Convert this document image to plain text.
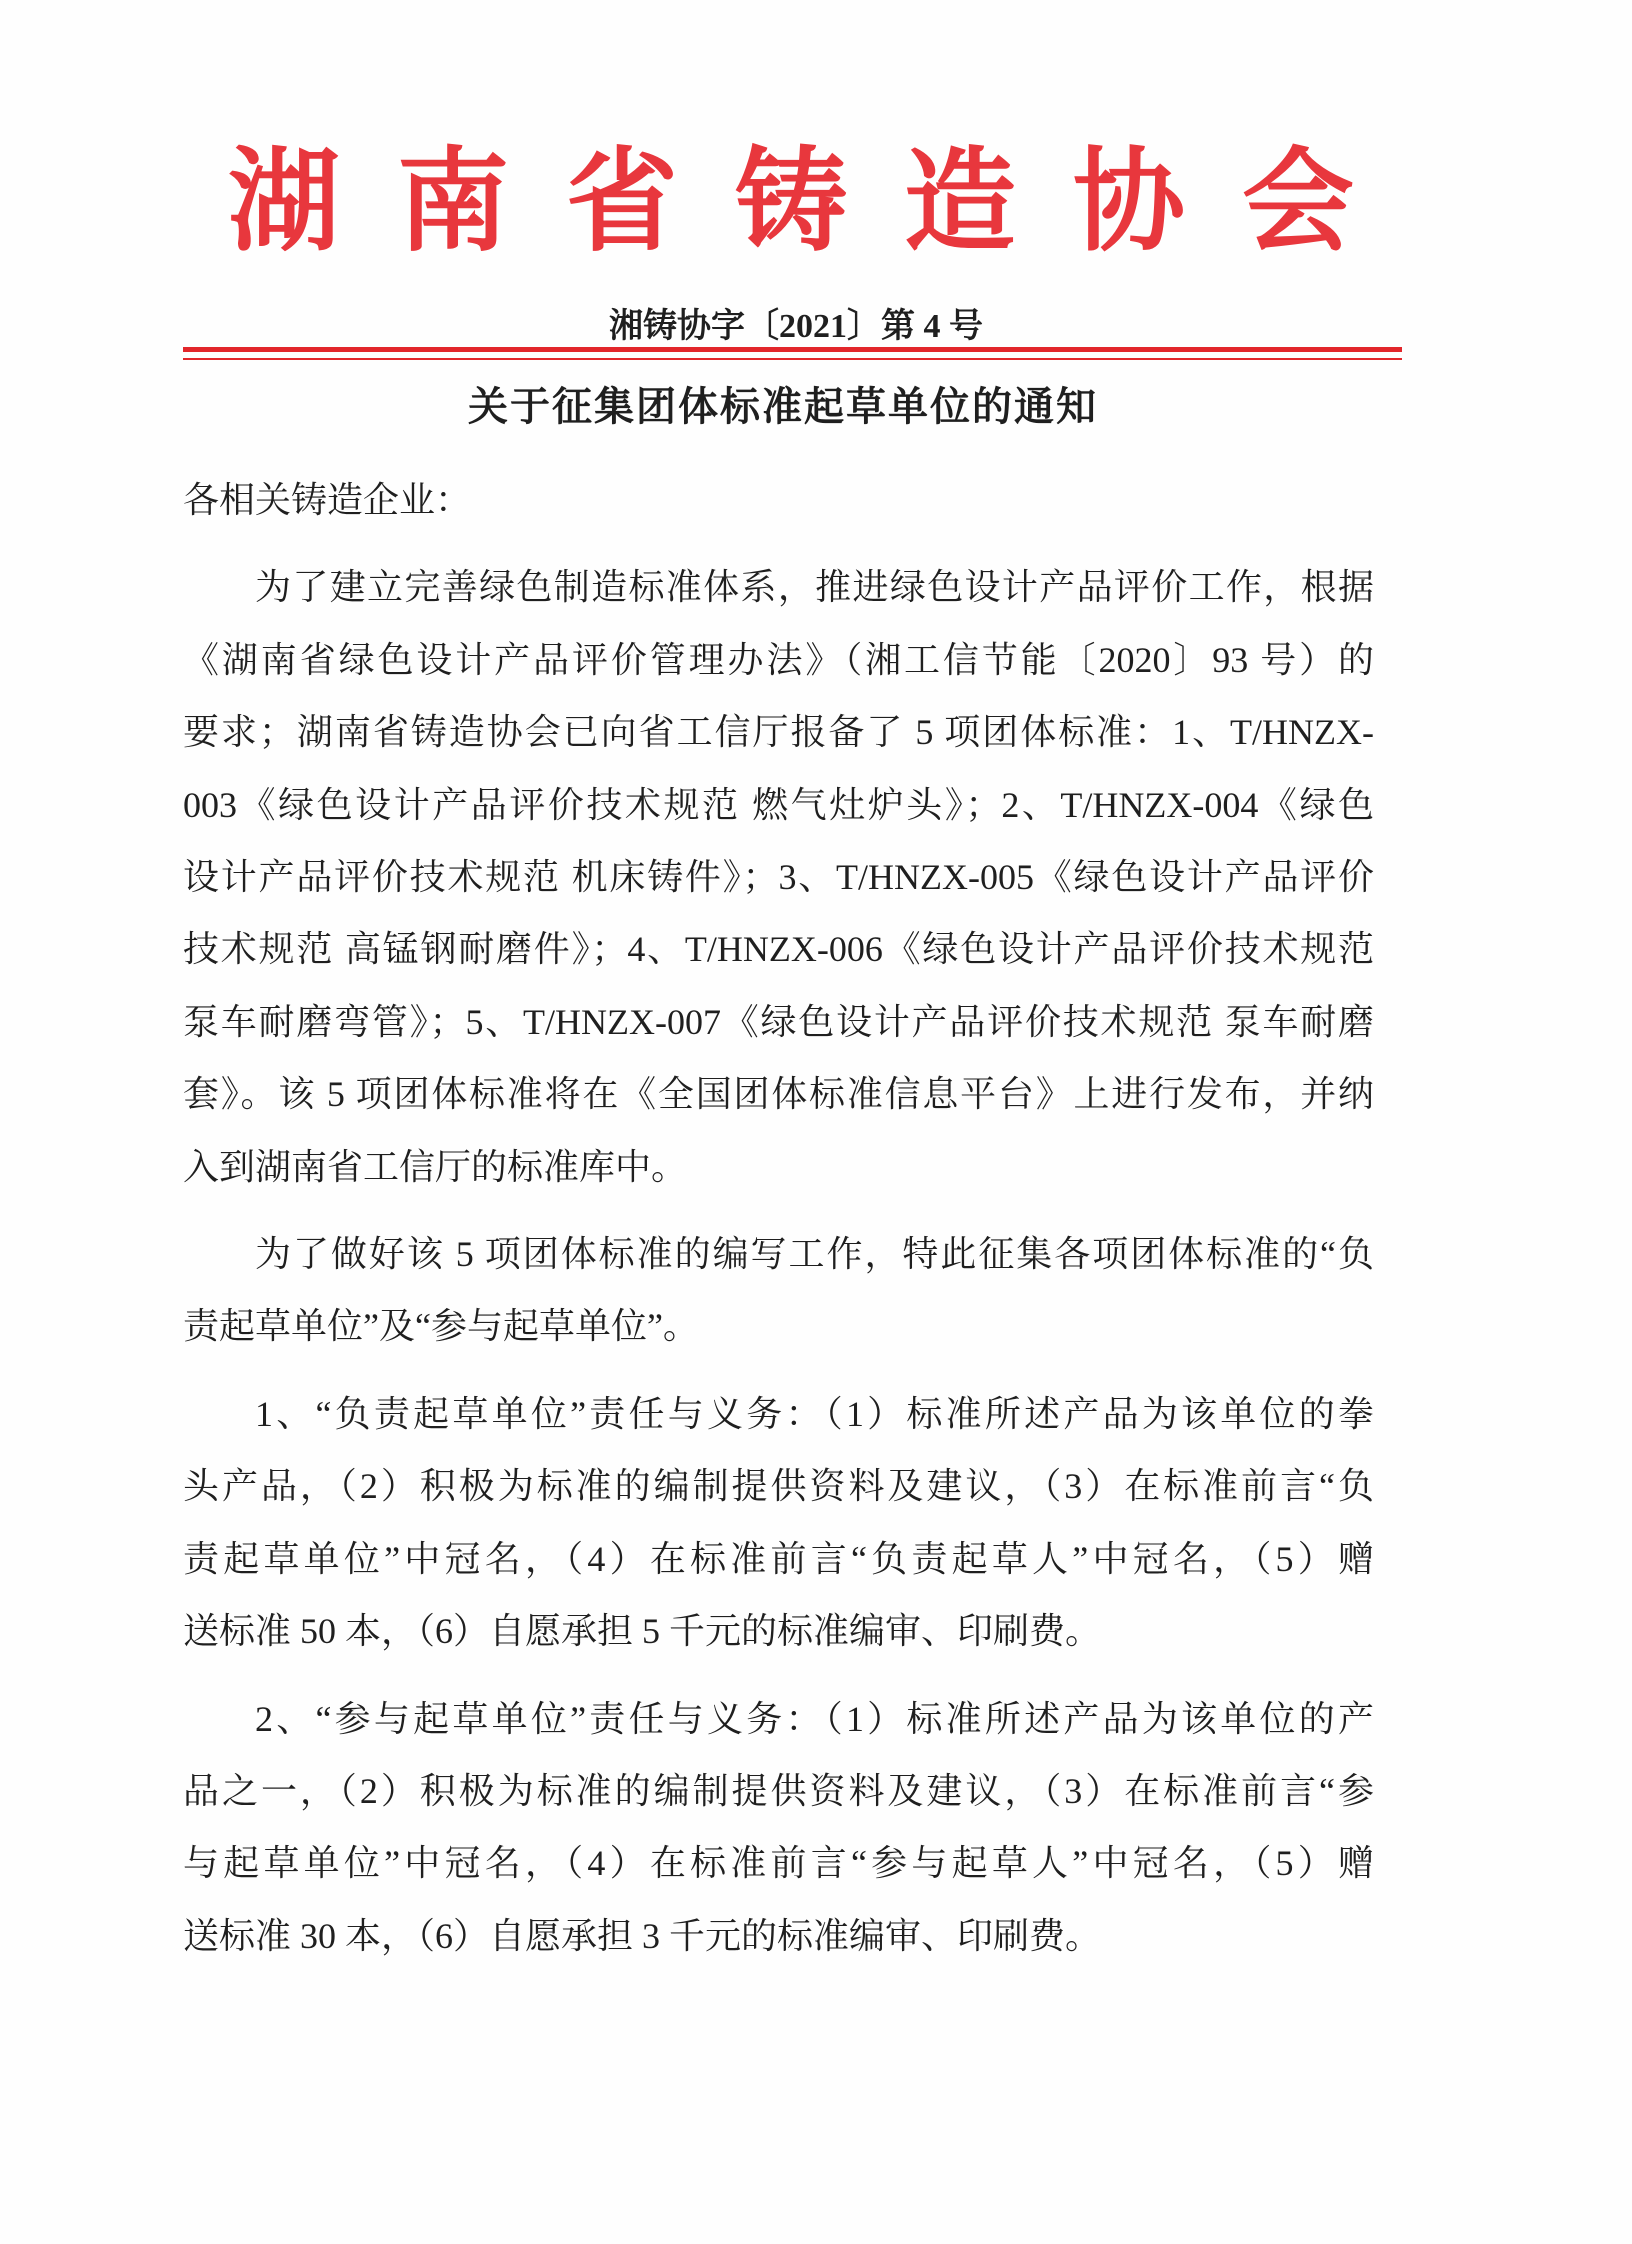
湖南省铸造协会
湘铸协字〔2021〕第 4 号
关于征集团体标准起草单位的通知
各相关铸造企业：
为了建立完善绿色制造标准体系，推进绿色设计产品评价工作，根据
《湖南省绿色设计产品评价管理办法》（湘工信节能〔2020〕93 号）的
要求；湖南省铸造协会已向省工信厅报备了 5 项团体标准：1、T/HNZX-
003《绿色设计产品评价技术规范 燃气灶炉头》；2、T/HNZX-004《绿色
设计产品评价技术规范 机床铸件》；3、T/HNZX-005《绿色设计产品评价
技术规范 高锰钢耐磨件》；4、T/HNZX-006《绿色设计产品评价技术规范
泵车耐磨弯管》；5、T/HNZX-007《绿色设计产品评价技术规范 泵车耐磨
套》。该 5 项团体标准将在《全国团体标准信息平台》上进行发布，并纳
入到湖南省工信厅的标准库中。
为了做好该 5 项团体标准的编写工作，特此征集各项团体标准的“负
责起草单位”及“参与起草单位”。
1、“负责起草单位”责任与义务：（1）标准所述产品为该单位的拳
头产品，（2）积极为标准的编制提供资料及建议，（3）在标准前言“负
责起草单位”中冠名，（4）在标准前言“负责起草人”中冠名，（5）赠
送标准 50 本，（6）自愿承担 5 千元的标准编审、印刷费。
2、“参与起草单位”责任与义务：（1）标准所述产品为该单位的产
品之一，（2）积极为标准的编制提供资料及建议，（3）在标准前言“参
与起草单位”中冠名，（4）在标准前言“参与起草人”中冠名，（5）赠
送标准 30 本，（6）自愿承担 3 千元的标准编审、印刷费。
